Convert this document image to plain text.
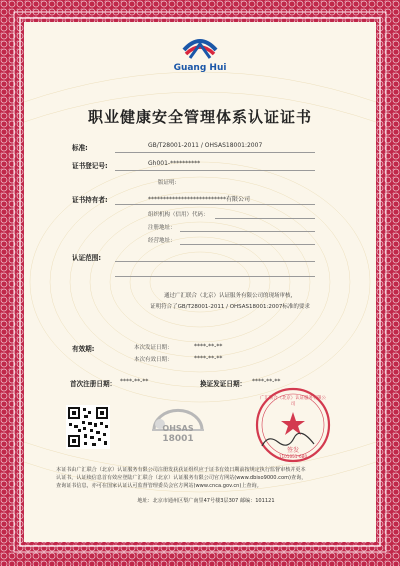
Guang Hui
职业健康安全管理体系认证证书
标准:	GB/T28001-2011 / OHSAS18001:2007
证书登记号:	Gh001-**********
版证明:
证书持有者:	**************************有限公司
组织机构（信用）代码：
注册地址：
经营地址：
认证范围:
通过广汇联合（北京）认证服务有限公司的现场审核，
证明符合了GB/T28001-2011 / OHSAS18001:2007标准的要求
有效期:	本次发证日期：	****-**-**
本次有效日期：	****-**-**
首次注册日期： ****-**-**	换证发证日期： ****-**-**
OHSAS
18001
广汇联合（北京）认证服务有限公司
签发
1101051-6B0
本证书由广汇联合（北京）认证服务有限公司注册发获获证组织应于证书有效日期前按规定执行监督审核并更本
认证书，认证续信息首有效应登陆广汇联合（北京）认证服务有限公司官方网站(www.dbiso9000.com)查询，
查询证书信息，亦可在国家认证认可监督管理委员会官方网站(www.cnca.gov.cn)上查询。
地址：北京市通州区梨广南里47号楼3层307 邮编：101121
